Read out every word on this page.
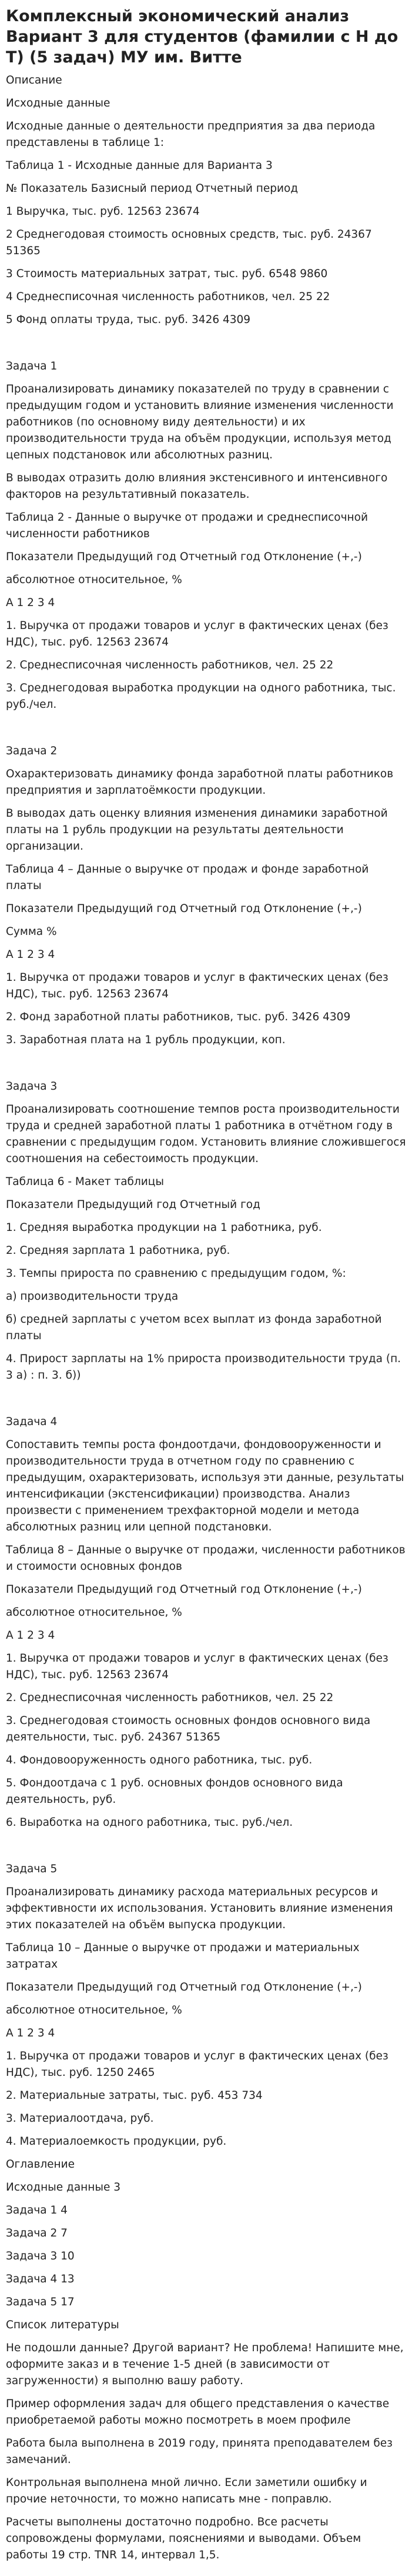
Комплексный экономический анализ Вариант 3 для студентов (фамилии с Н до Т) (5 задач) МУ им. Витте

Описание

Исходные данные

Исходные данные о деятельности предприятия за два периода представлены в таблице 1:

Таблица 1 - Исходные данные для Варианта 3

№ Показатель Базисный период Отчетный период

1 Выручка, тыс. руб. 12563 23674

2 Среднегодовая стоимость основных средств, тыс. руб. 24367 51365

3 Стоимость материальных затрат, тыс. руб. 6548 9860

4 Среднесписочная численность работников, чел. 25 22

5 Фонд оплаты труда, тыс. руб. 3426 4309

Задача 1

Проанализировать динамику показателей по труду в сравнении с предыдущим годом и установить влияние изменения численности работников (по основному виду деятельности) и их производительности труда на объём продукции, используя метод цепных подстановок или абсолютных разниц.

В выводах отразить долю влияния экстенсивного и интенсивного факторов на результативный показатель.

Таблица 2 - Данные о выручке от продажи и среднесписочной численности работников

Показатели Предыдущий год Отчетный год Отклонение (+,-)

абсолютное относительное, %

А 1 2 3 4

1. Выручка от продажи товаров и услуг в фактических ценах (без НДС), тыс. руб. 12563 23674

2. Среднесписочная численность работников, чел. 25 22

3. Среднегодовая выработка продукции на одного работника, тыс. руб./чел.

Задача 2

Охарактеризовать динамику фонда заработной платы работников предприятия и зарплатоёмкости продукции.

В выводах дать оценку влияния изменения динамики заработной платы на 1 рубль продукции на результаты деятельности организации.

Таблица 4 – Данные о выручке от продаж и фонде заработной платы

Показатели Предыдущий год Отчетный год Отклонение (+,-)

Сумма %

А 1 2 3 4

1. Выручка от продажи товаров и услуг в фактических ценах (без НДС), тыс. руб. 12563 23674

2. Фонд заработной платы работников, тыс. руб. 3426 4309

3. Заработная плата на 1 рубль продукции, коп.

Задача 3

Проанализировать соотношение темпов роста производительности труда и средней заработной платы 1 работника в отчётном году в сравнении с предыдущим годом. Установить влияние сложившегося соотношения на себестоимость продукции.

Таблица 6 - Макет таблицы

Показатели Предыдущий год Отчетный год

1. Средняя выработка продукции на 1 работника, руб.

2. Средняя зарплата 1 работника, руб.

3. Темпы прироста по сравнению с предыдущим годом, %:

а) производительности труда

б) средней зарплаты с учетом всех выплат из фонда заработной платы

4. Прирост зарплаты на 1% прироста производительности труда (п. 3 а) : п. 3. б))

Задача 4

Сопоставить темпы роста фондоотдачи, фондовооруженности и производительности труда в отчетном году по сравнению с предыдущим, охарактеризовать, используя эти данные, результаты интенсификации (экстенсификации) производства. Анализ произвести с применением трехфакторной модели и метода абсолютных разниц или цепной подстановки.

Таблица 8 – Данные о выручке от продажи, численности работников и стоимости основных фондов

Показатели Предыдущий год Отчетный год Отклонение (+,-)

абсолютное относительное, %

А 1 2 3 4

1. Выручка от продажи товаров и услуг в фактических ценах (без НДС), тыс. руб. 12563 23674

2. Среднесписочная численность работников, чел. 25 22

3. Среднегодовая стоимость основных фондов основного вида деятельности, тыс. руб. 24367 51365

4. Фондовооруженность одного работника, тыс. руб.

5. Фондоотдача с 1 руб. основных фондов основного вида деятельность, руб.

6. Выработка на одного работника, тыс. руб./чел.

Задача 5

Проанализировать динамику расхода материальных ресурсов и эффективности их использования. Установить влияние изменения этих показателей на объём выпуска продукции.

Таблица 10 – Данные о выручке от продажи и материальных затратах

Показатели Предыдущий год Отчетный год Отклонение (+,-)

абсолютное относительное, %

А 1 2 3 4

1. Выручка от продажи товаров и услуг в фактических ценах (без НДС), тыс. руб. 1250 2465

2. Материальные затраты, тыс. руб. 453 734

3. Материалоотдача, руб.

4. Материалоемкость продукции, руб.

Оглавление

Исходные данные 3

Задача 1 4

Задача 2 7

Задача 3 10

Задача 4 13

Задача 5 17

Список литературы

Не подошли данные? Другой вариант? Не проблема! Напишите мне, оформите заказ и в течение 1-5 дней (в зависимости от загруженности) я выполню вашу работу.

Пример оформления задач для общего представления о качестве приобретаемой работы можно посмотреть в моем профиле

Работа была выполнена в 2019 году, принята преподавателем без замечаний.

Контрольная выполнена мной лично. Если заметили ошибку и прочие неточности, то можно написать мне - поправлю.

Расчеты выполнены достаточно подробно. Все расчеты сопровождены формулами, пояснениями и выводами. Объем работы 19 стр. TNR 14, интервал 1,5.
